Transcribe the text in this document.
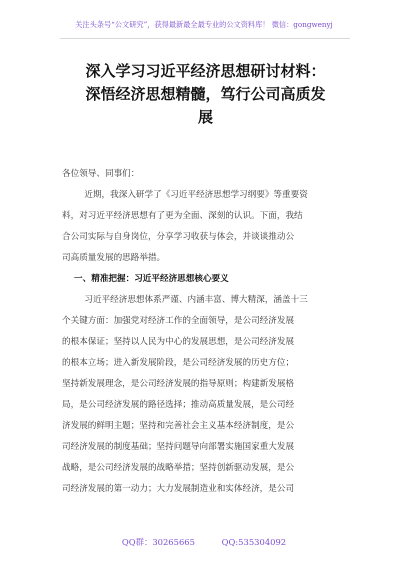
关注头条号“公文研究”，获得最新最全最专业的公文资料库！ 微信：gongwenyj
深入学习习近平经济思想研讨材料：
深悟经济思想精髓，笃行公司高质发
展

各位领导、同事们：

近期，我深入研学了《习近平经济思想学习纲要》等重要资

料，对习近平经济思想有了更为全面、深刻的认识。下面，我结

合公司实际与自身岗位，分享学习收获与体会，并谈谈推动公

司高质量发展的思路举措。

一、精准把握：习近平经济思想核心要义

习近平经济思想体系严谨、内涵丰富、博大精深，涵盖十三

个关键方面：加强党对经济工作的全面领导，是公司经济发展

的根本保证；坚持以人民为中心的发展思想，是公司经济发展

的根本立场；进入新发展阶段，是公司经济发展的历史方位；

坚持新发展理念，是公司经济发展的指导原则；构建新发展格

局，是公司经济发展的路径选择；推动高质量发展，是公司经

济发展的鲜明主题；坚持和完善社会主义基本经济制度，是公

司经济发展的制度基础；坚持问题导向部署实施国家重大发展

战略，是公司经济发展的战略举措；坚持创新驱动发展，是公

司经济发展的第一动力；大力发展制造业和实体经济，是公司

QQ群：30265665	QQ:535304092
